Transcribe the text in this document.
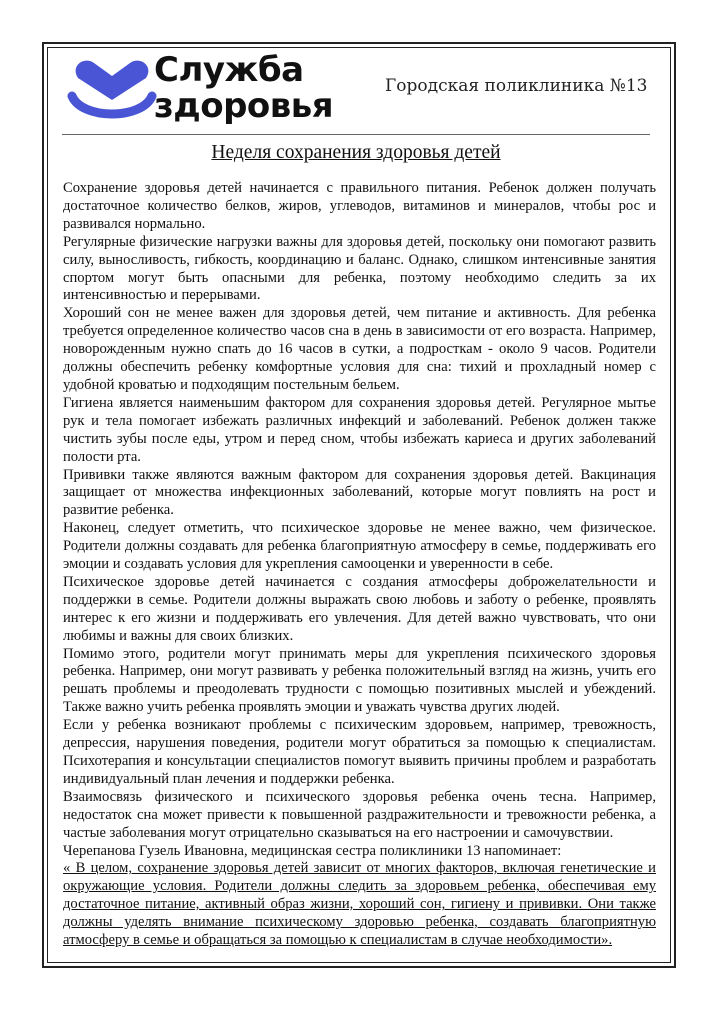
Служба
здоровья	Городская поликлиника №13
Неделя сохранения здоровья детей

Сохранение здоровья детей начинается с правильного питания. Ребенок должен получать достаточное количество белков, жиров, углеводов, витаминов и минералов, чтобы рос и развивался нормально.

Регулярные физические нагрузки важны для здоровья детей, поскольку они помогают развить силу, выносливость, гибкость, координацию и баланс. Однако, слишком интенсивные занятия спортом могут быть опасными для ребенка, поэтому необходимо следить за их интенсивностью и перерывами.

Хороший сон не менее важен для здоровья детей, чем питание и активность. Для ребенка требуется определенное количество часов сна в день в зависимости от его возраста. Например, новорожденным нужно спать до 16 часов в сутки, а подросткам - около 9 часов. Родители должны обеспечить ребенку комфортные условия для сна: тихий и прохладный номер с удобной кроватью и подходящим постельным бельем.

Гигиена является наименьшим фактором для сохранения здоровья детей. Регулярное мытье рук и тела помогает избежать различных инфекций и заболеваний. Ребенок должен также чистить зубы после еды, утром и перед сном, чтобы избежать кариеса и других заболеваний полости рта.

Прививки также являются важным фактором для сохранения здоровья детей. Вакцинация защищает от множества инфекционных заболеваний, которые могут повлиять на рост и развитие ребенка.

Наконец, следует отметить, что психическое здоровье не менее важно, чем физическое. Родители должны создавать для ребенка благоприятную атмосферу в семье, поддерживать его эмоции и создавать условия для укрепления самооценки и уверенности в себе.

Психическое здоровье детей начинается с создания атмосферы доброжелательности и поддержки в семье. Родители должны выражать свою любовь и заботу о ребенке, проявлять интерес к его жизни и поддерживать его увлечения. Для детей важно чувствовать, что они любимы и важны для своих близких.

Помимо этого, родители могут принимать меры для укрепления психического здоровья ребенка. Например, они могут развивать у ребенка положительный взгляд на жизнь, учить его решать проблемы и преодолевать трудности с помощью позитивных мыслей и убеждений. Также важно учить ребенка проявлять эмоции и уважать чувства других людей.

Если у ребенка возникают проблемы с психическим здоровьем, например, тревожность, депрессия, нарушения поведения, родители могут обратиться за помощью к специалистам. Психотерапия и консультации специалистов помогут выявить причины проблем и разработать индивидуальный план лечения и поддержки ребенка.

Взаимосвязь физического и психического здоровья ребенка очень тесна. Например, недостаток сна может привести к повышенной раздражительности и тревожности ребенка, а частые заболевания могут отрицательно сказываться на его настроении и самочувствии.

Черепанова Гузель Ивановна, медицинская сестра поликлиники 13 напоминает:

« В целом, сохранение здоровья детей зависит от многих факторов, включая генетические и окружающие условия. Родители должны следить за здоровьем ребенка, обеспечивая ему достаточное питание, активный образ жизни, хороший сон, гигиену и прививки. Они также должны уделять внимание психическому здоровью ребенка, создавать благоприятную атмосферу в семье и обращаться за помощью к специалистам в случае необходимости».
